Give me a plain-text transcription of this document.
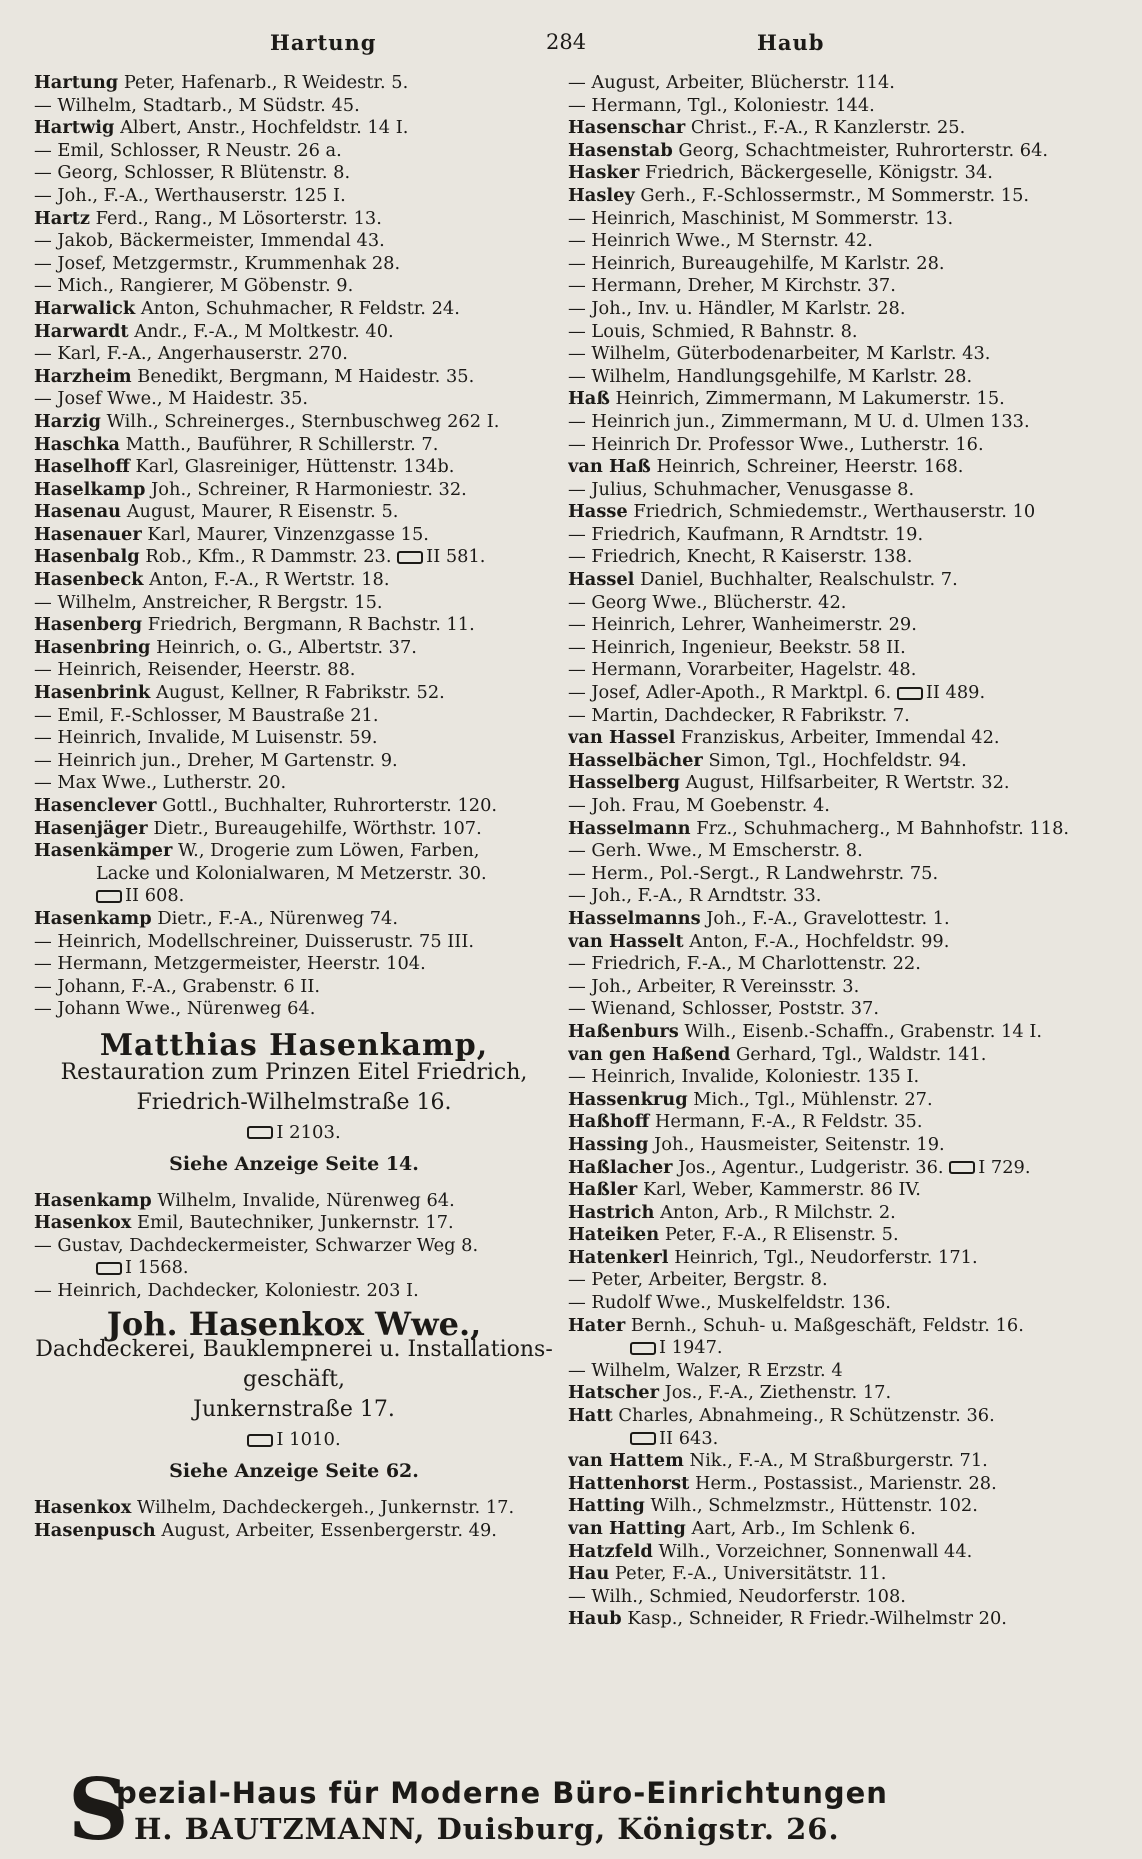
Hartung	284	Haub
Hartung Peter, Hafenarb., R Weidestr. 5.
— Wilhelm, Stadtarb., M Südstr. 45.
Hartwig Albert, Anstr., Hochfeldstr. 14 I.
— Emil, Schlosser, R Neustr. 26 a.
— Georg, Schlosser, R Blütenstr. 8.
— Joh., F.-A., Werthauserstr. 125 I.
Hartz Ferd., Rang., M Lösorterstr. 13.
— Jakob, Bäckermeister, Immendal 43.
— Josef, Metzgermstr., Krummenhak 28.
— Mich., Rangierer, M Göbenstr. 9.
Harwalick Anton, Schuhmacher, R Feldstr. 24.
Harwardt Andr., F.-A., M Moltkestr. 40.
— Karl, F.-A., Angerhauserstr. 270.
Harzheim Benedikt, Bergmann, M Haidestr. 35.
— Josef Wwe., M Haidestr. 35.
Harzig Wilh., Schreinerges., Sternbuschweg 262 I.
Haschka Matth., Bauführer, R Schillerstr. 7.
Haselhoff Karl, Glasreiniger, Hüttenstr. 134b.
Haselkamp Joh., Schreiner, R Harmoniestr. 32.
Hasenau August, Maurer, R Eisenstr. 5.
Hasenauer Karl, Maurer, Vinzenzgasse 15.
Hasenbalg Rob., Kfm., R Dammstr. 23. II 581.
Hasenbeck Anton, F.-A., R Wertstr. 18.
— Wilhelm, Anstreicher, R Bergstr. 15.
Hasenberg Friedrich, Bergmann, R Bachstr. 11.
Hasenbring Heinrich, o. G., Albertstr. 37.
— Heinrich, Reisender, Heerstr. 88.
Hasenbrink August, Kellner, R Fabrikstr. 52.
— Emil, F.-Schlosser, M Baustraße 21.
— Heinrich, Invalide, M Luisenstr. 59.
— Heinrich jun., Dreher, M Gartenstr. 9.
— Max Wwe., Lutherstr. 20.
Hasenclever Gottl., Buchhalter, Ruhrorterstr. 120.
Hasenjäger Dietr., Bureaugehilfe, Wörthstr. 107.
Hasenkämper W., Drogerie zum Löwen, Farben,
Lacke und Kolonialwaren, M Metzerstr. 30.
II 608.
Hasenkamp Dietr., F.-A., Nürenweg 74.
— Heinrich, Modellschreiner, Duisserustr. 75 III.
— Hermann, Metzgermeister, Heerstr. 104.
— Johann, F.-A., Grabenstr. 6 II.
— Johann Wwe., Nürenweg 64.
Matthias Hasenkamp,
Restauration zum Prinzen Eitel Friedrich,
Friedrich-Wilhelmstraße 16.
I 2103.
Siehe Anzeige Seite 14.
Hasenkamp Wilhelm, Invalide, Nürenweg 64.
Hasenkox Emil, Bautechniker, Junkernstr. 17.
— Gustav, Dachdeckermeister, Schwarzer Weg 8.
I 1568.
— Heinrich, Dachdecker, Koloniestr. 203 I.
Joh. Hasenkox Wwe.,
Dachdeckerei, Bauklempnerei u. Installations-
geschäft,
Junkernstraße 17.
I 1010.
Siehe Anzeige Seite 62.
Hasenkox Wilhelm, Dachdeckergeh., Junkernstr. 17.
Hasenpusch August, Arbeiter, Essenbergerstr. 49.
— August, Arbeiter, Blücherstr. 114.
— Hermann, Tgl., Koloniestr. 144.
Hasenschar Christ., F.-A., R Kanzlerstr. 25.
Hasenstab Georg, Schachtmeister, Ruhrorterstr. 64.
Hasker Friedrich, Bäckergeselle, Königstr. 34.
Hasley Gerh., F.-Schlossermstr., M Sommerstr. 15.
— Heinrich, Maschinist, M Sommerstr. 13.
— Heinrich Wwe., M Sternstr. 42.
— Heinrich, Bureaugehilfe, M Karlstr. 28.
— Hermann, Dreher, M Kirchstr. 37.
— Joh., Inv. u. Händler, M Karlstr. 28.
— Louis, Schmied, R Bahnstr. 8.
— Wilhelm, Güterbodenarbeiter, M Karlstr. 43.
— Wilhelm, Handlungsgehilfe, M Karlstr. 28.
Haß Heinrich, Zimmermann, M Lakumerstr. 15.
— Heinrich jun., Zimmermann, M U. d. Ulmen 133.
— Heinrich Dr. Professor Wwe., Lutherstr. 16.
van Haß Heinrich, Schreiner, Heerstr. 168.
— Julius, Schuhmacher, Venusgasse 8.
Hasse Friedrich, Schmiedemstr., Werthauserstr. 10
— Friedrich, Kaufmann, R Arndtstr. 19.
— Friedrich, Knecht, R Kaiserstr. 138.
Hassel Daniel, Buchhalter, Realschulstr. 7.
— Georg Wwe., Blücherstr. 42.
— Heinrich, Lehrer, Wanheimerstr. 29.
— Heinrich, Ingenieur, Beekstr. 58 II.
— Hermann, Vorarbeiter, Hagelstr. 48.
— Josef, Adler-Apoth., R Marktpl. 6. II 489.
— Martin, Dachdecker, R Fabrikstr. 7.
van Hassel Franziskus, Arbeiter, Immendal 42.
Hasselbächer Simon, Tgl., Hochfeldstr. 94.
Hasselberg August, Hilfsarbeiter, R Wertstr. 32.
— Joh. Frau, M Goebenstr. 4.
Hasselmann Frz., Schuhmacherg., M Bahnhofstr. 118.
— Gerh. Wwe., M Emscherstr. 8.
— Herm., Pol.-Sergt., R Landwehrstr. 75.
— Joh., F.-A., R Arndtstr. 33.
Hasselmanns Joh., F.-A., Gravelottestr. 1.
van Hasselt Anton, F.-A., Hochfeldstr. 99.
— Friedrich, F.-A., M Charlottenstr. 22.
— Joh., Arbeiter, R Vereinsstr. 3.
— Wienand, Schlosser, Poststr. 37.
Haßenburs Wilh., Eisenb.-Schaffn., Grabenstr. 14 I.
van gen Haßend Gerhard, Tgl., Waldstr. 141.
— Heinrich, Invalide, Koloniestr. 135 I.
Hassenkrug Mich., Tgl., Mühlenstr. 27.
Haßhoff Hermann, F.-A., R Feldstr. 35.
Hassing Joh., Hausmeister, Seitenstr. 19.
Haßlacher Jos., Agentur., Ludgeristr. 36. I 729.
Haßler Karl, Weber, Kammerstr. 86 IV.
Hastrich Anton, Arb., R Milchstr. 2.
Hateiken Peter, F.-A., R Elisenstr. 5.
Hatenkerl Heinrich, Tgl., Neudorferstr. 171.
— Peter, Arbeiter, Bergstr. 8.
— Rudolf Wwe., Muskelfeldstr. 136.
Hater Bernh., Schuh- u. Maßgeschäft, Feldstr. 16.
I 1947.
— Wilhelm, Walzer, R Erzstr. 4
Hatscher Jos., F.-A., Ziethenstr. 17.
Hatt Charles, Abnahmeing., R Schützenstr. 36.
II 643.
van Hattem Nik., F.-A., M Straßburgerstr. 71.
Hattenhorst Herm., Postassist., Marienstr. 28.
Hatting Wilh., Schmelzmstr., Hüttenstr. 102.
van Hatting Aart, Arb., Im Schlenk 6.
Hatzfeld Wilh., Vorzeichner, Sonnenwall 44.
Hau Peter, F.-A., Universitätstr. 11.
— Wilh., Schmied, Neudorferstr. 108.
Haub Kasp., Schneider, R Friedr.-Wilhelmstr 20.
S
pezial-Haus für Moderne Büro-Einrichtungen
H. BAUTZMANN, Duisburg, Königstr. 26.
